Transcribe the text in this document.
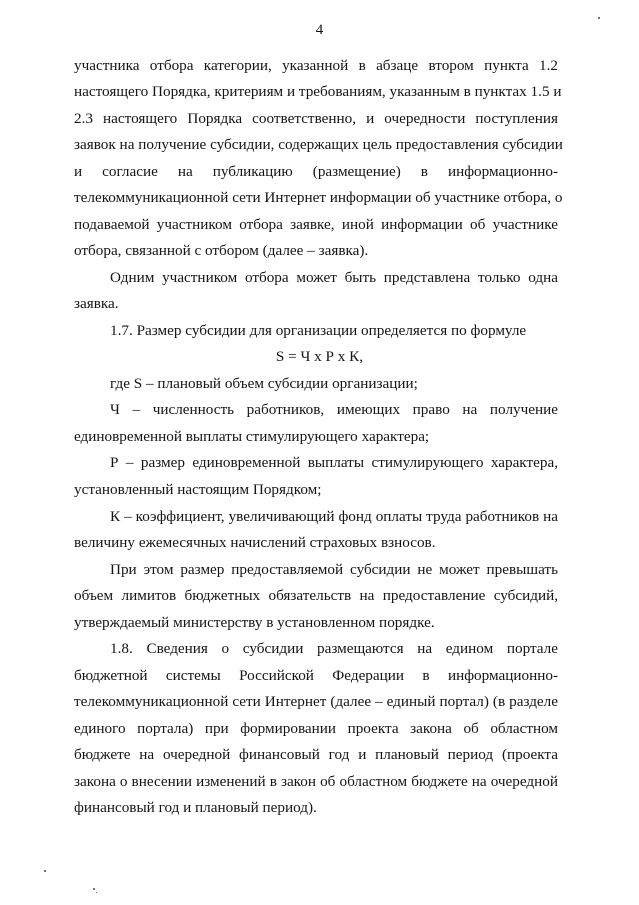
4
участника отбора категории, указанной в абзаце втором пункта 1.2
настоящего Порядка, критериям и требованиям, указанным в пунктах 1.5 и
2.3 настоящего Порядка соответственно, и очередности поступления
заявок на получение субсидии, содержащих цель предоставления субсидии
и согласие на публикацию (размещение) в информационно-
телекоммуникационной сети Интернет информации об участнике отбора, о
подаваемой участником отбора заявке, иной информации об участнике
отбора, связанной с отбором (далее – заявка).
Одним участником отбора может быть представлена только одна
заявка.
1.7. Размер субсидии для организации определяется по формуле
S = Ч х Р х К,
где S – плановый объем субсидии организации;
Ч – численность работников, имеющих право на получение
единовременной выплаты стимулирующего характера;
Р – размер единовременной выплаты стимулирующего характера,
установленный настоящим Порядком;
К – коэффициент, увеличивающий фонд оплаты труда работников на
величину ежемесячных начислений страховых взносов.
При этом размер предоставляемой субсидии не может превышать
объем лимитов бюджетных обязательств на предоставление субсидий,
утверждаемый министерству в установленном порядке.
1.8. Сведения о субсидии размещаются на едином портале
бюджетной системы Российской Федерации в информационно-
телекоммуникационной сети Интернет (далее – единый портал) (в разделе
единого портала) при формировании проекта закона об областном
бюджете на очередной финансовый год и плановый период (проекта
закона о внесении изменений в закон об областном бюджете на очередной
финансовый год и плановый период).
